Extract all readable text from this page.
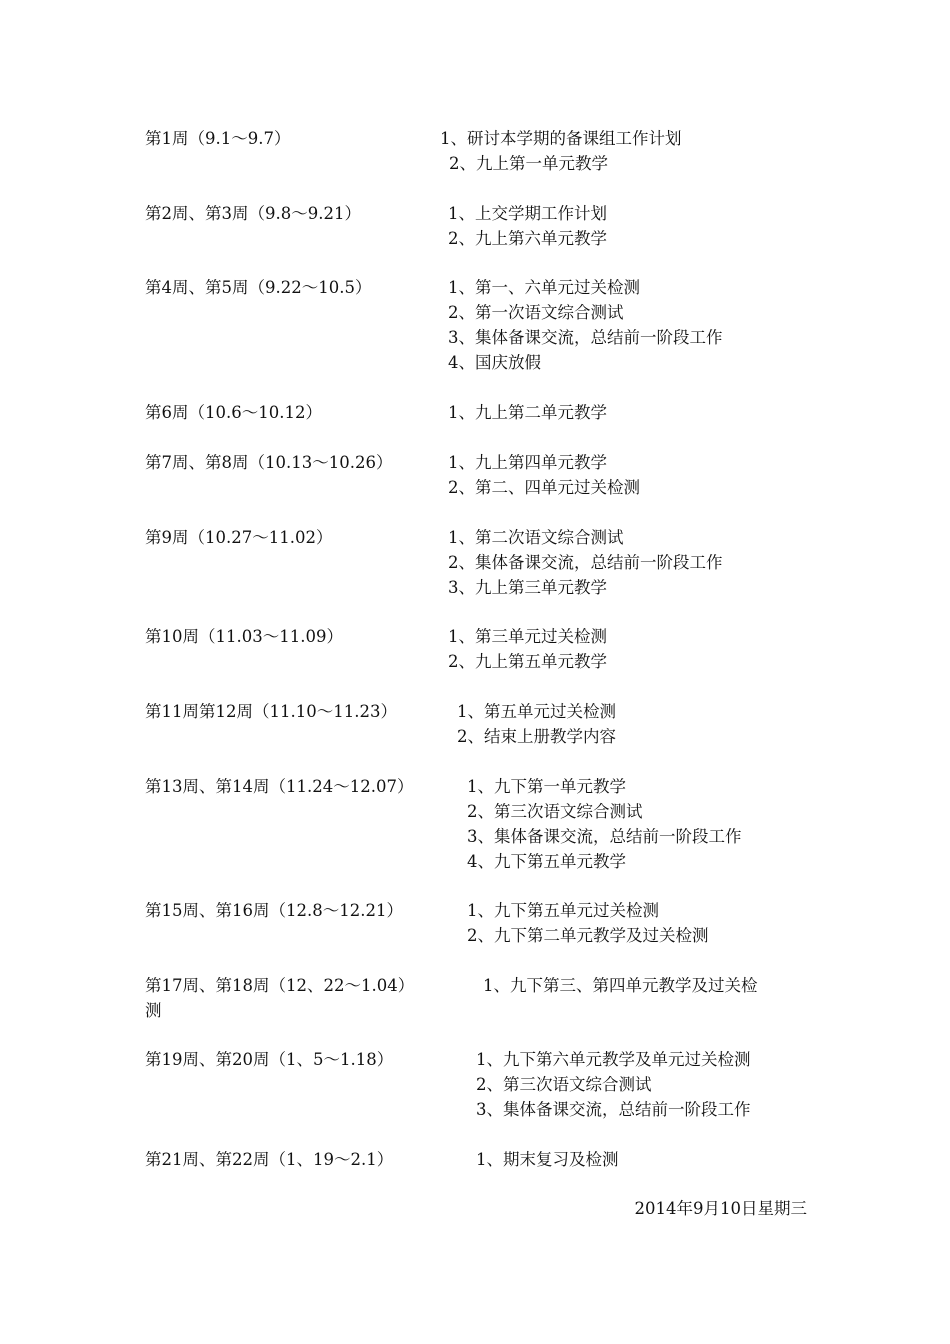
第1周（9.1～9.7）	1、研讨本学期的备课组工作计划
2、九上第一单元教学
第2周、第3周（9.8～9.21）	1、上交学期工作计划
2、九上第六单元教学
第4周、第5周（9.22～10.5）	1、第一、六单元过关检测
2、第一次语文综合测试
3、集体备课交流，总结前一阶段工作
4、国庆放假
第6周（10.6～10.12）	1、九上第二单元教学
第7周、第8周（10.13～10.26）	1、九上第四单元教学
2、第二、四单元过关检测
第9周（10.27～11.02）	1、第二次语文综合测试
2、集体备课交流，总结前一阶段工作
3、九上第三单元教学
第10周（11.03～11.09）	1、第三单元过关检测
2、九上第五单元教学
第11周第12周（11.10～11.23）	1、第五单元过关检测
2、结束上册教学内容
第13周、第14周（11.24～12.07）	1、九下第一单元教学
2、第三次语文综合测试
3、集体备课交流，总结前一阶段工作
4、九下第五单元教学
第15周、第16周（12.8～12.21）	1、九下第五单元过关检测
2、九下第二单元教学及过关检测
第17周、第18周（12、22～1.04）	1、九下第三、第四单元教学及过关检
测
第19周、第20周（1、5～1.18）	1、九下第六单元教学及单元过关检测
2、第三次语文综合测试
3、集体备课交流，总结前一阶段工作
第21周、第22周（1、19～2.1）	1、期末复习及检测
2014年9月10日星期三
